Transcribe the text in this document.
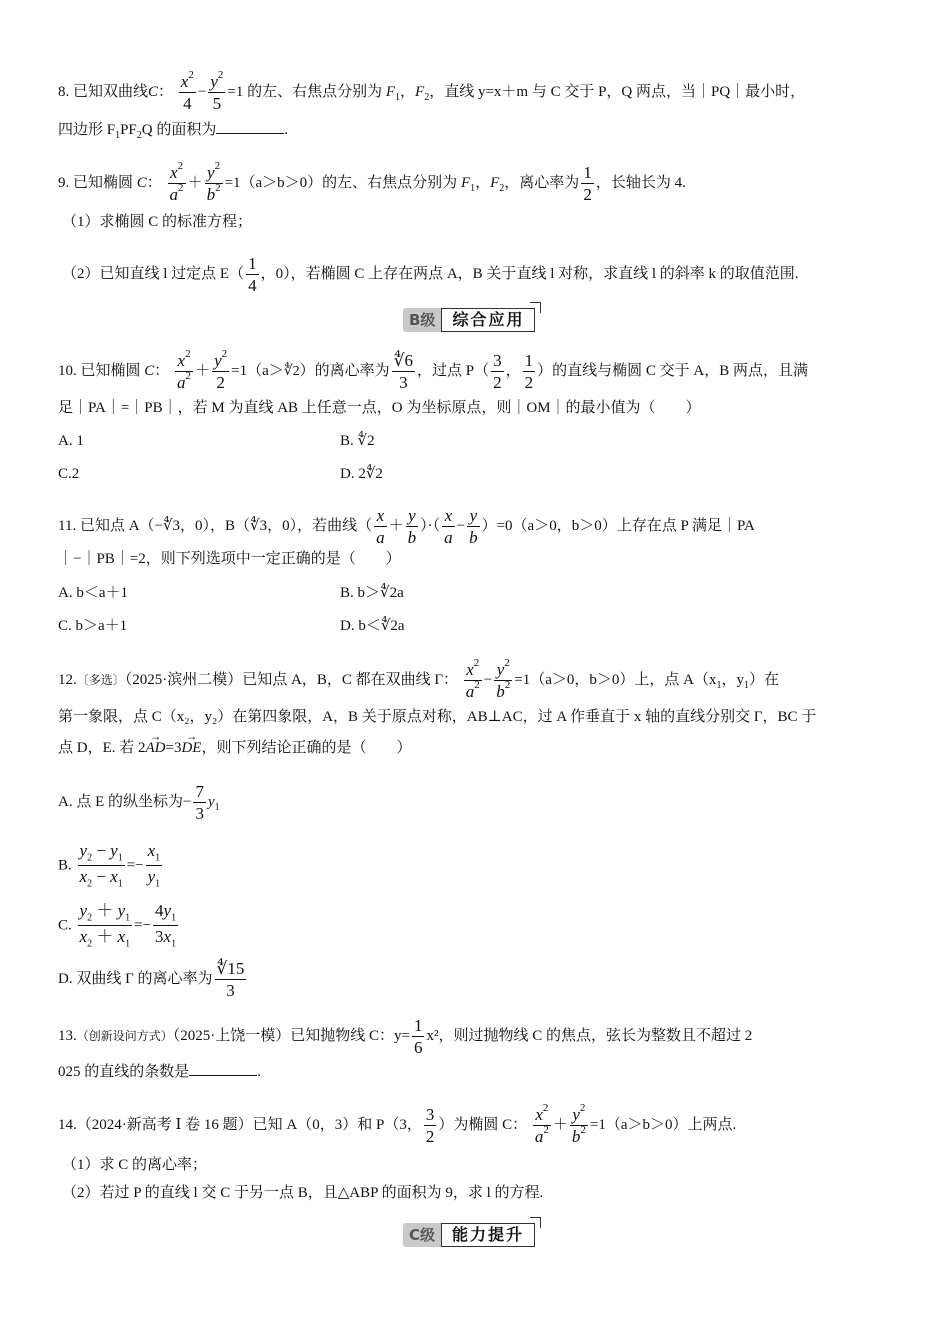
8. 已知双曲线C： $\frac{x^2}{4} - \frac{y^2}{5} =1$ 的左、右焦点分别为 $F_1$，$F_2$，直线 y=x＋m 与 C 交于 P，Q 两点，当｜PQ｜最小时，
四边形 $F_1PF_2Q$ 的面积为	.
9. 已知椭圆 C： $\frac{x^2}{a^2} + \frac{y^2}{b^2} =1(a>b>0)$的左、右焦点分别为 $F_1$，$F_2$，离心率为 $\frac{1}{2}$ ，长轴长为 4.
（1）求椭圆 C 的标准方程；
（2）已知直线 l 过定点 $E( \frac{1}{4}$ ，0），若椭圆 C 上存在两点 A，B 关于直线 l 对称，求直线 l 的斜率 k 的取值范围.
B级	综合应用
10. 已知椭圆 C： $\frac{x^2}{a^2} + \frac{y^2}{2}$ =1（a＞∜2）的离心率为 $\frac{∜6}{3}$ ，过点 $P( \frac{3}{2}$ ， $\frac{1}{2}$ ）的直线与椭圆 C 交于 A，B 两点，且满
足｜PA｜=｜PB｜，若 M 为直线 AB 上任意一点，O 为坐标原点，则｜OM｜的最小值为（　　）
A. 1	B. ∜2
C.2	D. 2∜2
11. 已知点 A（−∜3，0），B（∜3，0），若曲线（ $\frac{x}{a} + \frac{y}{b}$ ）·（ $\frac{x}{a} - \frac{y}{b} )=0(a>0$，b＞0）上存在点 P 满足｜PA
｜−｜PB｜=2，则下列选项中一定正确的是（　　）
A. b＜a＋1	B. b＞∜2a
C. b＞a＋1	D. b＜∜2a
12.〔多选〕（2025·滨州二模）已知点 A，B，C 都在双曲线 Γ： $\frac{x^2}{a^2} - \frac{y^2}{b^2} =1(a>0$，b＞0）上，点 $A(x_1$，$y_1$）在
第一象限，点 C（x₂，y₂）在第四象限，A，B 关于原点对称，AB⊥AC，过 A 作垂直于 x 轴的直线分别交 Γ，BC 于
点 D，E. 若 2→ AD=3→ DE，则下列结论正确的是（　　）
A. 点 E 的纵坐标为− $\frac{7}{3} y_1$
B. $\frac{y_2 - y_1}{x_2 - x_1} =- \frac{x_1}{y_1}$
C. $\frac{y_2 + y_1}{x_2 + x_1} =- \frac{4y_1}{3x_1}$
D. 双曲线 Γ 的离心率为 $\frac{∜15}{3}$
13.（创新设问方式）（2025·上饶一模）已知抛物线 C：$y= \frac{1}{6} x^2$，则过抛物线 C 的焦点，弦长为整数且不超过 2
025 的直线的条数是	.
14.（2024·新高考 Ⅰ 卷 16 题）已知 A（0，3）和 P（3， $\frac{3}{2}$ ）为椭圆 C： $\frac{x^2}{a^2} + \frac{y^2}{b^2} =1(a>b>0)$上两点.
（1）求 C 的离心率；
（2）若过 P 的直线 l 交 C 于另一点 B，且△ABP 的面积为 9，求 l 的方程.
C级	能力提升
